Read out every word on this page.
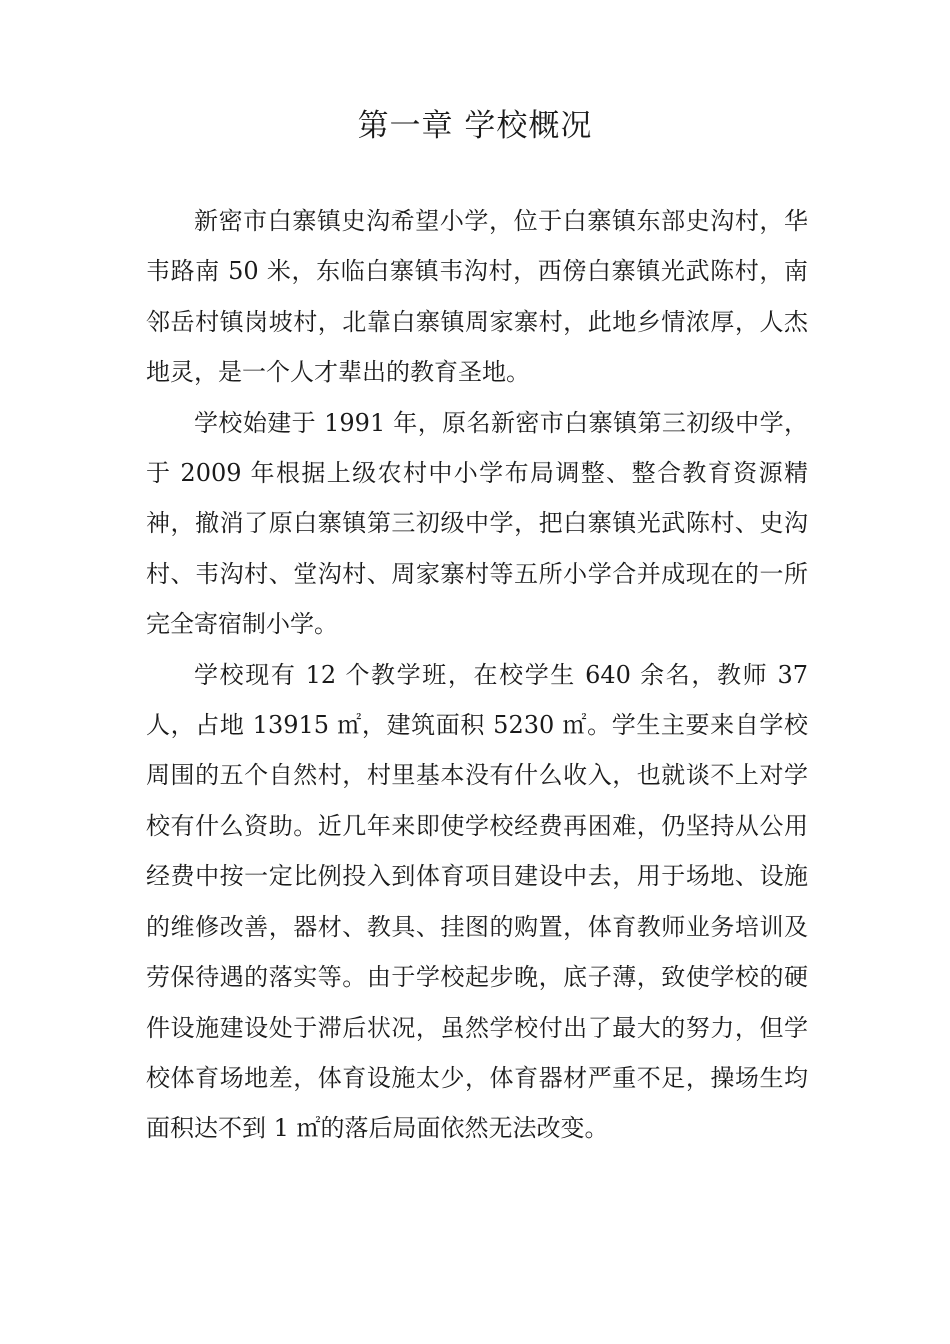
第一章 学校概况

新密市白寨镇史沟希望小学，位于白寨镇东部史沟村，华韦路南 50 米，东临白寨镇韦沟村，西傍白寨镇光武陈村，南邻岳村镇岗坡村，北靠白寨镇周家寨村，此地乡情浓厚，人杰地灵，是一个人才辈出的教育圣地。

学校始建于 1991 年，原名新密市白寨镇第三初级中学，于 2009 年根据上级农村中小学布局调整、整合教育资源精神，撤消了原白寨镇第三初级中学，把白寨镇光武陈村、史沟村、韦沟村、堂沟村、周家寨村等五所小学合并成现在的一所完全寄宿制小学。

学校现有 12 个教学班，在校学生 640 余名，教师 37 人，占地 13915 ㎡，建筑面积 5230 ㎡。学生主要来自学校周围的五个自然村，村里基本没有什么收入，也就谈不上对学校有什么资助。近几年来即使学校经费再困难，仍坚持从公用经费中按一定比例投入到体育项目建设中去，用于场地、设施的维修改善，器材、教具、挂图的购置，体育教师业务培训及劳保待遇的落实等。由于学校起步晚，底子薄，致使学校的硬件设施建设处于滞后状况，虽然学校付出了最大的努力，但学校体育场地差，体育设施太少，体育器材严重不足，操场生均面积达不到 1 ㎡的落后局面依然无法改变。
